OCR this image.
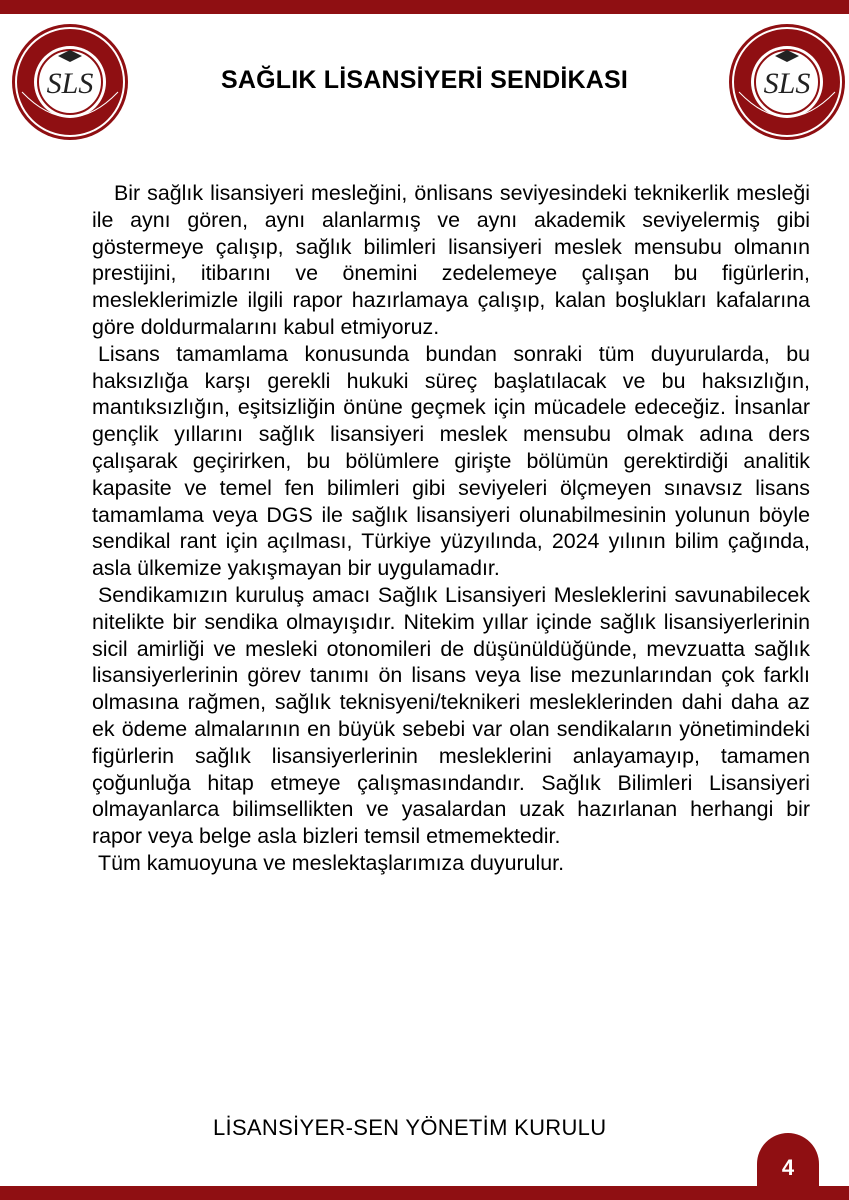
SLS	SLS
SAĞLIK LİSANSİYERİ SENDİKASI

Bir sağlık lisansiyeri mesleğini, önlisans seviyesindeki teknikerlik mesleği ile aynı gören, aynı alanlarmış ve aynı akademik seviyelermiş gibi göstermeye çalışıp, sağlık bilimleri lisansiyeri meslek mensubu olmanın prestijini, itibarını ve önemini zedelemeye çalışan bu figürlerin, mesleklerimizle ilgili rapor hazırlamaya çalışıp, kalan boşlukları kafalarına göre doldurmalarını kabul etmiyoruz.

Lisans tamamlama konusunda bundan sonraki tüm duyurularda, bu haksızlığa karşı gerekli hukuki süreç başlatılacak ve bu haksızlığın, mantıksızlığın, eşitsizliğin önüne geçmek için mücadele edeceğiz. İnsanlar gençlik yıllarını sağlık lisansiyeri meslek mensubu olmak adına ders çalışarak geçirirken, bu bölümlere girişte bölümün gerektirdiği analitik kapasite ve temel fen bilimleri gibi seviyeleri ölçmeyen sınavsız lisans tamamlama veya DGS ile sağlık lisansiyeri olunabilmesinin yolunun böyle sendikal rant için açılması, Türkiye yüzyılında, 2024 yılının bilim çağında, asla ülkemize yakışmayan bir uygulamadır.

Sendikamızın kuruluş amacı Sağlık Lisansiyeri Mesleklerini savunabilecek nitelikte bir sendika olmayışıdır. Nitekim yıllar içinde sağlık lisansiyerlerinin sicil amirliği ve mesleki otonomileri de düşünüldüğünde, mevzuatta sağlık lisansiyerlerinin görev tanımı ön lisans veya lise mezunlarından çok farklı olmasına rağmen, sağlık teknisyeni/teknikeri mesleklerinden dahi daha az ek ödeme almalarının en büyük sebebi var olan sendikaların yönetimindeki figürlerin sağlık lisansiyerlerinin mesleklerini anlayamayıp, tamamen çoğunluğa hitap etmeye çalışmasındandır. Sağlık Bilimleri Lisansiyeri olmayanlarca bilimsellikten ve yasalardan uzak hazırlanan herhangi bir rapor veya belge asla bizleri temsil etmemektedir.

Tüm kamuoyuna ve meslektaşlarımıza duyurulur.

LİSANSİYER-SEN YÖNETİM KURULU
4
